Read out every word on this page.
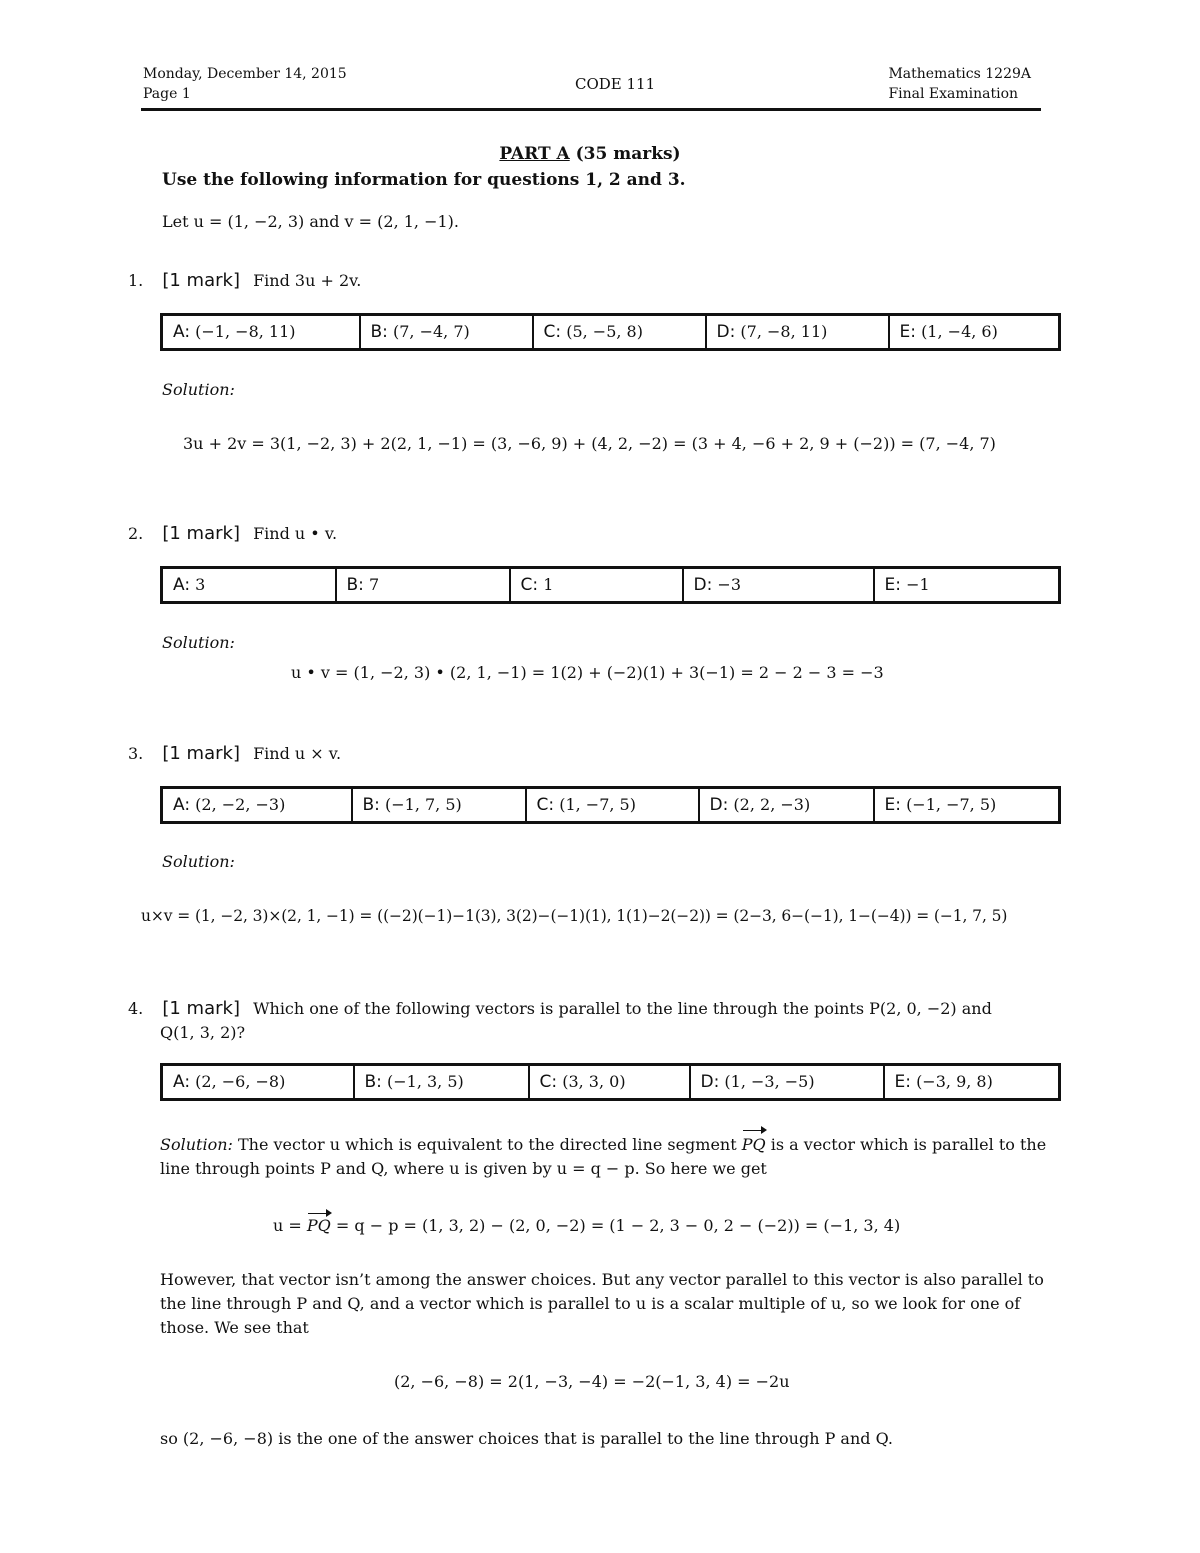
Monday, December 14, 2015
Page 1
CODE 111
Mathematics 1229A
Final Examination
PART A (35 marks)
Use the following information for questions 1, 2 and 3.
Let u = (1, −2, 3) and v = (2, 1, −1).
1. [1 mark] Find 3u + 2v.
A: (−1, −8, 11)	B: (7, −4, 7)	C: (5, −5, 8)	D: (7, −8, 11)	E: (1, −4, 6)
Solution:
3u + 2v = 3(1, −2, 3) + 2(2, 1, −1) = (3, −6, 9) + (4, 2, −2) = (3 + 4, −6 + 2, 9 + (−2)) = (7, −4, 7)
2. [1 mark] Find u • v.
A: 3	B: 7	C: 1	D: −3	E: −1
Solution:
u • v = (1, −2, 3) • (2, 1, −1) = 1(2) + (−2)(1) + 3(−1) = 2 − 2 − 3 = −3
3. [1 mark] Find u × v.
A: (2, −2, −3)	B: (−1, 7, 5)	C: (1, −7, 5)	D: (2, 2, −3)	E: (−1, −7, 5)
Solution:
u×v = (1, −2, 3)×(2, 1, −1) = ((−2)(−1)−1(3), 3(2)−(−1)(1), 1(1)−2(−2)) = (2−3, 6−(−1), 1−(−4)) = (−1, 7, 5)
4. [1 mark] Which one of the following vectors is parallel to the line through the points P(2, 0, −2) and
Q(1, 3, 2)?
A: (2, −6, −8)	B: (−1, 3, 5)	C: (3, 3, 0)	D: (1, −3, −5)	E: (−3, 9, 8)
Solution: The vector u which is equivalent to the directed line segment PQ is a vector which is parallel to the line through points P and Q, where u is given by u = q − p. So here we get
u = PQ = q − p = (1, 3, 2) − (2, 0, −2) = (1 − 2, 3 − 0, 2 − (−2)) = (−1, 3, 4)
However, that vector isn’t among the answer choices. But any vector parallel to this vector is also parallel to the line through P and Q, and a vector which is parallel to u is a scalar multiple of u, so we look for one of those. We see that
(2, −6, −8) = 2(1, −3, −4) = −2(−1, 3, 4) = −2u
so (2, −6, −8) is the one of the answer choices that is parallel to the line through P and Q.
